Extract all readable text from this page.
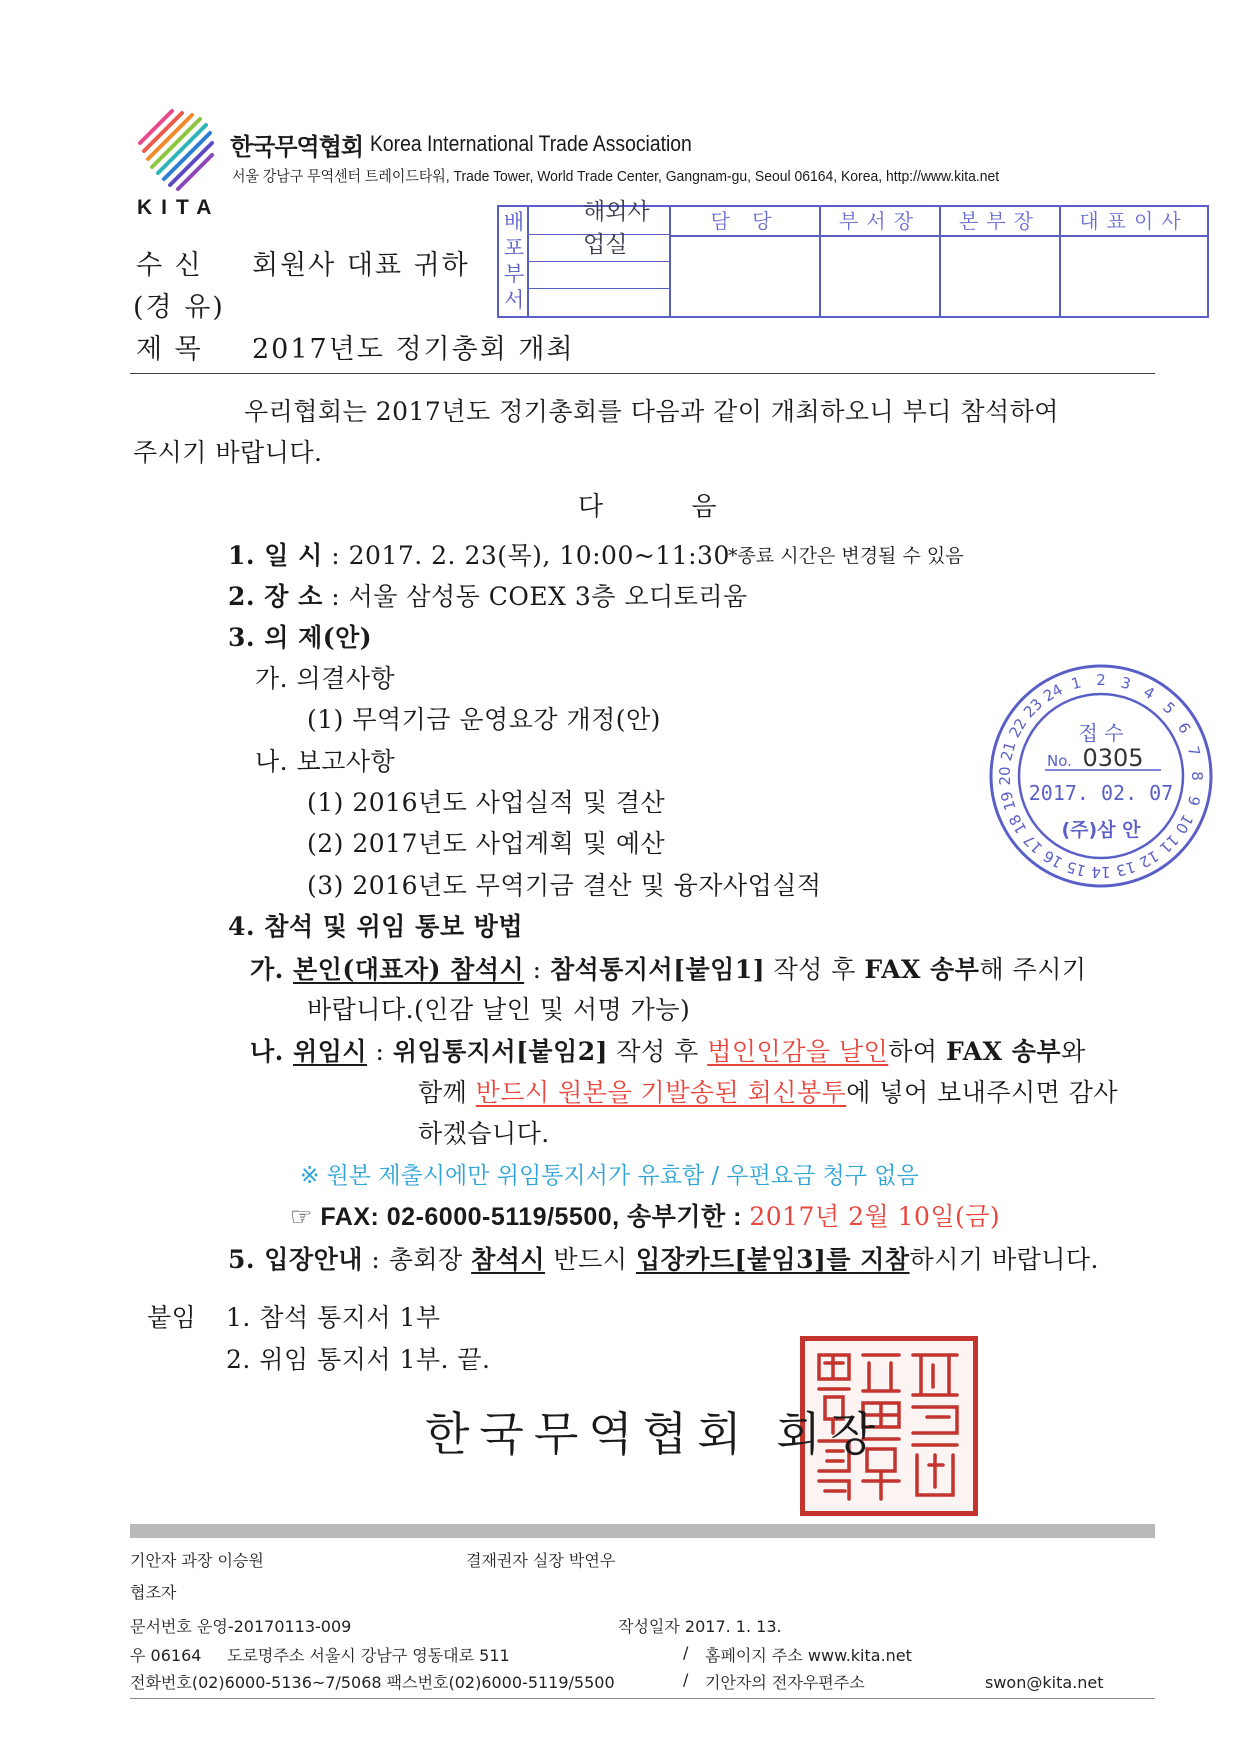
한국무역협회 Korea International Trade Association
서울 강남구 무역센터 트레이드타워, Trade Tower, World Trade Center, Gangnam-gu, Seoul 06164, Korea, http://www.kita.net
KITA
수 신 회원사 대표 귀하
(경 유)
제 목 2017년도 정기총회 개최
배포부서
해외사업실
담 당	부서장	본부장	대표이사
우리협회는 2017년도 정기총회를 다음과 같이 개최하오니 부디 참석하여
주시기 바랍니다.
다 음
1. 일 시 : 2017. 2. 23(목), 10:00~11:30
*종료 시간은 변경될 수 있음
2. 장 소 : 서울 삼성동 COEX 3층 오디토리움
3. 의 제(안)
가. 의결사항
(1) 무역기금 운영요강 개정(안)
나. 보고사항
(1) 2016년도 사업실적 및 결산
(2) 2017년도 사업계획 및 예산
(3) 2016년도 무역기금 결산 및 융자사업실적
4. 참석 및 위임 통보 방법
가. 본인(대표자) 참석시 : 참석통지서[붙임1] 작성 후 FAX 송부해 주시기
바랍니다.(인감 날인 및 서명 가능)
나. 위임시 : 위임통지서[붙임2] 작성 후 법인인감을 날인하여 FAX 송부와
함께 반드시 원본을 기발송된 회신봉투에 넣어 보내주시면 감사
하겠습니다.
※ 원본 제출시에만 위임통지서가 유효함 / 우편요금 청구 없음
☞ FAX: 02-6000-5119/5500, 송부기한 : 2017년 2월 10일(금)
5. 입장안내 : 총회장 참석시 반드시 입장카드[붙임3]를 지참하시기 바랍니다.
1 2 3 4
5
6
7
8
9
10
11
12
13
14
15
16
17
18
19
20
21
22
23
24
접 수
No. 0305
2017. 02. 07
(주)삼 안
붙임 1. 참석 통지서 1부
2. 위임 통지서 1부. 끝.
한국무역협회 회장
기안자 과장 이승원	결재권자 실장 박연우
협조자
문서번호 운영-20170113-009	작성일자 2017. 1. 13.
우 06164 도로명주소 서울시 강남구 영동대로 511	/ 홈페이지 주소 www.kita.net
전화번호(02)6000-5136~7/5068 팩스번호(02)6000-5119/5500	/ 기안자의 전자우편주소	swon@kita.net
